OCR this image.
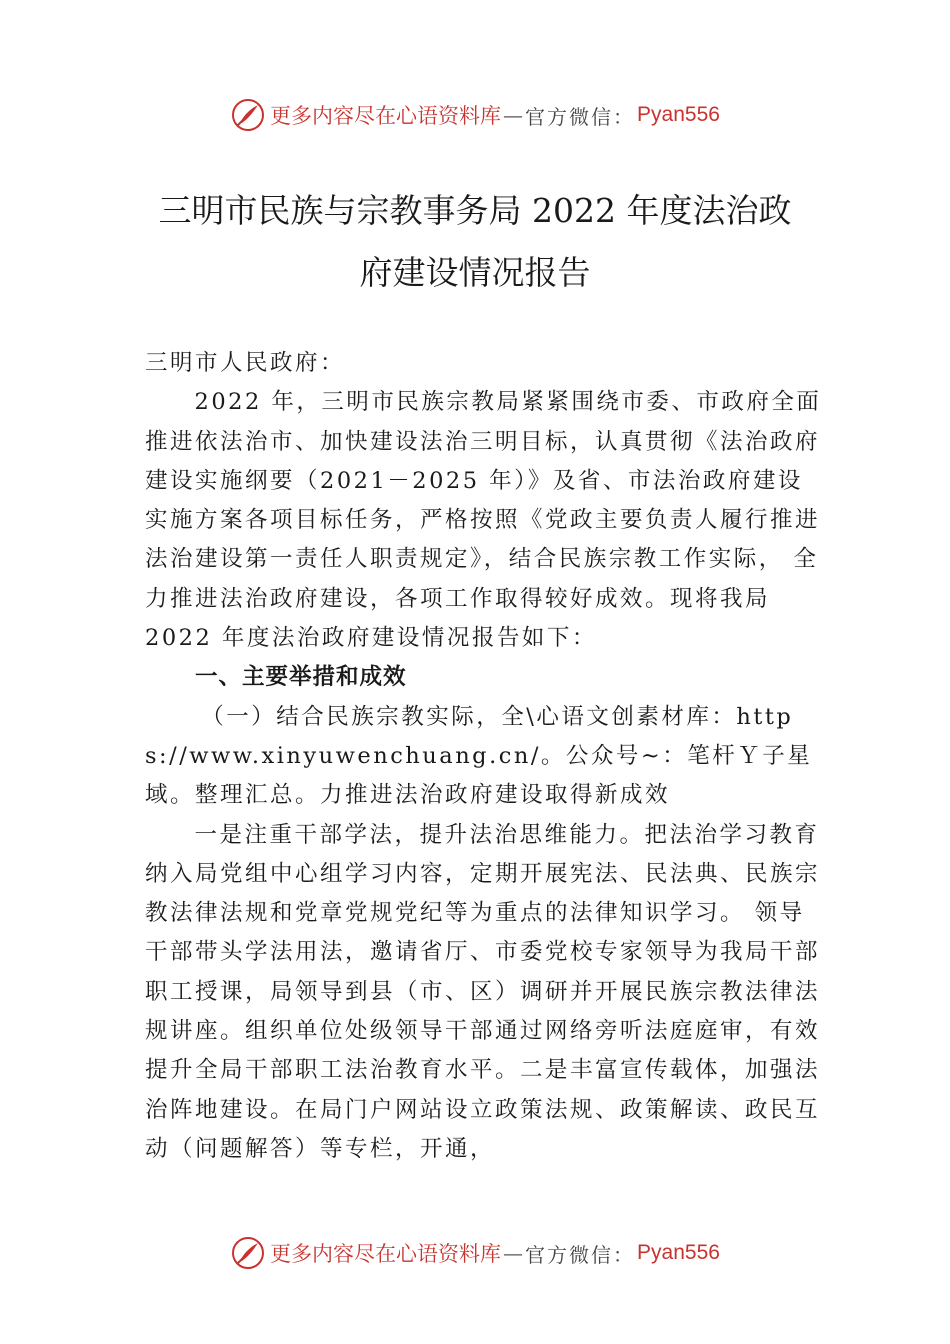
更多内容尽在心语资料库 — 官方微信： Pyan556
三明市民族与宗教事务局 2022 年度法治政
府建设情况报告

三明市人民政府：

2022 年，三明市民族宗教局紧紧围绕市委、市政府全面推进依法治市、加快建设法治三明目标，认真贯彻《法治政府建设实施纲要（2021－2025 年）》及省、市法治政府建设实施方案各项目标任务，严格按照《党政主要负责人履行推进法治建设第一责任人职责规定》，结合民族宗教工作实际， 全力推进法治政府建设，各项工作取得较好成效。现将我局2022 年度法治政府建设情况报告如下：

一、主要举措和成效

（一）结合民族宗教实际，全\心语文创素材库：https://www.xinyuwenchuang.cn/。公众号~：笔杆Ｙ子星域。整理汇总。力推进法治政府建设取得新成效

一是注重干部学法，提升法治思维能力。把法治学习教育纳入局党组中心组学习内容，定期开展宪法、民法典、民族宗教法律法规和党章党规党纪等为重点的法律知识学习。 领导干部带头学法用法，邀请省厅、市委党校专家领导为我局干部职工授课，局领导到县（市、区）调研并开展民族宗教法律法规讲座。组织单位处级领导干部通过网络旁听法庭庭审，有效提升全局干部职工法治教育水平。二是丰富宣传载体，加强法治阵地建设。在局门户网站设立政策法规、政策解读、政民互动（问题解答）等专栏，开通，

更多内容尽在心语资料库 — 官方微信： Pyan556
